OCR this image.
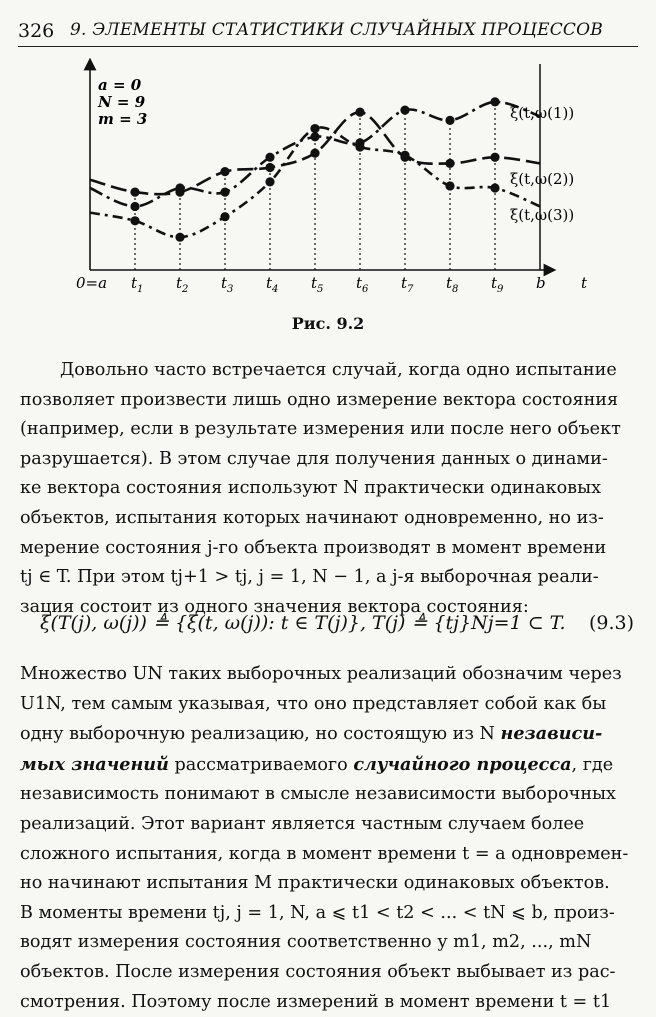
326 9. ЭЛЕМЕНТЫ СТАТИСТИКИ СЛУЧАЙНЫХ ПРОЦЕССОВ
a = 0
N = 9
m = 3
0=a $t_1$ $t_2$ $t_3$ $t_4$ $t_5$ $t_6$ $t_7$ $t_8$ $t_9$ b t
ξ(t,ω(1))
ξ(t,ω(2))
ξ(t,ω(3))
Рис. 9.2
Довольно часто встречается случай, когда одно испытание
позволяет произвести лишь одно измерение вектора состояния
(например, если в результате измерения или после него объект
разрушается). В этом случае для получения данных о динами-
ке вектора состояния используют N практически одинаковых
объектов, испытания которых начинают одновременно, но из-
мерение состояния j-го объекта производят в момент времени
tj ∈ T. При этом tj+1 > tj, j = 1, N − 1, а j-я выборочная реали-
зация состоит из одного значения вектора состояния:
ξ(T(j), ω(j)) ≜ {ξ(t, ω(j)): t ∈ T(j)}, T(j) ≜ {tj}Nj=1 ⊂ T. (9.3)
Множество UN таких выборочных реализаций обозначим через
U1N, тем самым указывая, что оно представляет собой как бы
одну выборочную реализацию, но состоящую из N независи-
мых значений рассматриваемого случайного процесса, где
независимость понимают в смысле независимости выборочных
реализаций. Этот вариант является частным случаем более
сложного испытания, когда в момент времени t = a одновремен-
но начинают испытания M практически одинаковых объектов.
В моменты времени tj, j = 1, N, a ⩽ t1 < t2 < ... < tN ⩽ b, произ-
водят измерения состояния соответственно у m1, m2, ..., mN
объектов. После измерения состояния объект выбывает из рас-
смотрения. Поэтому после измерений в момент времени t = t1
